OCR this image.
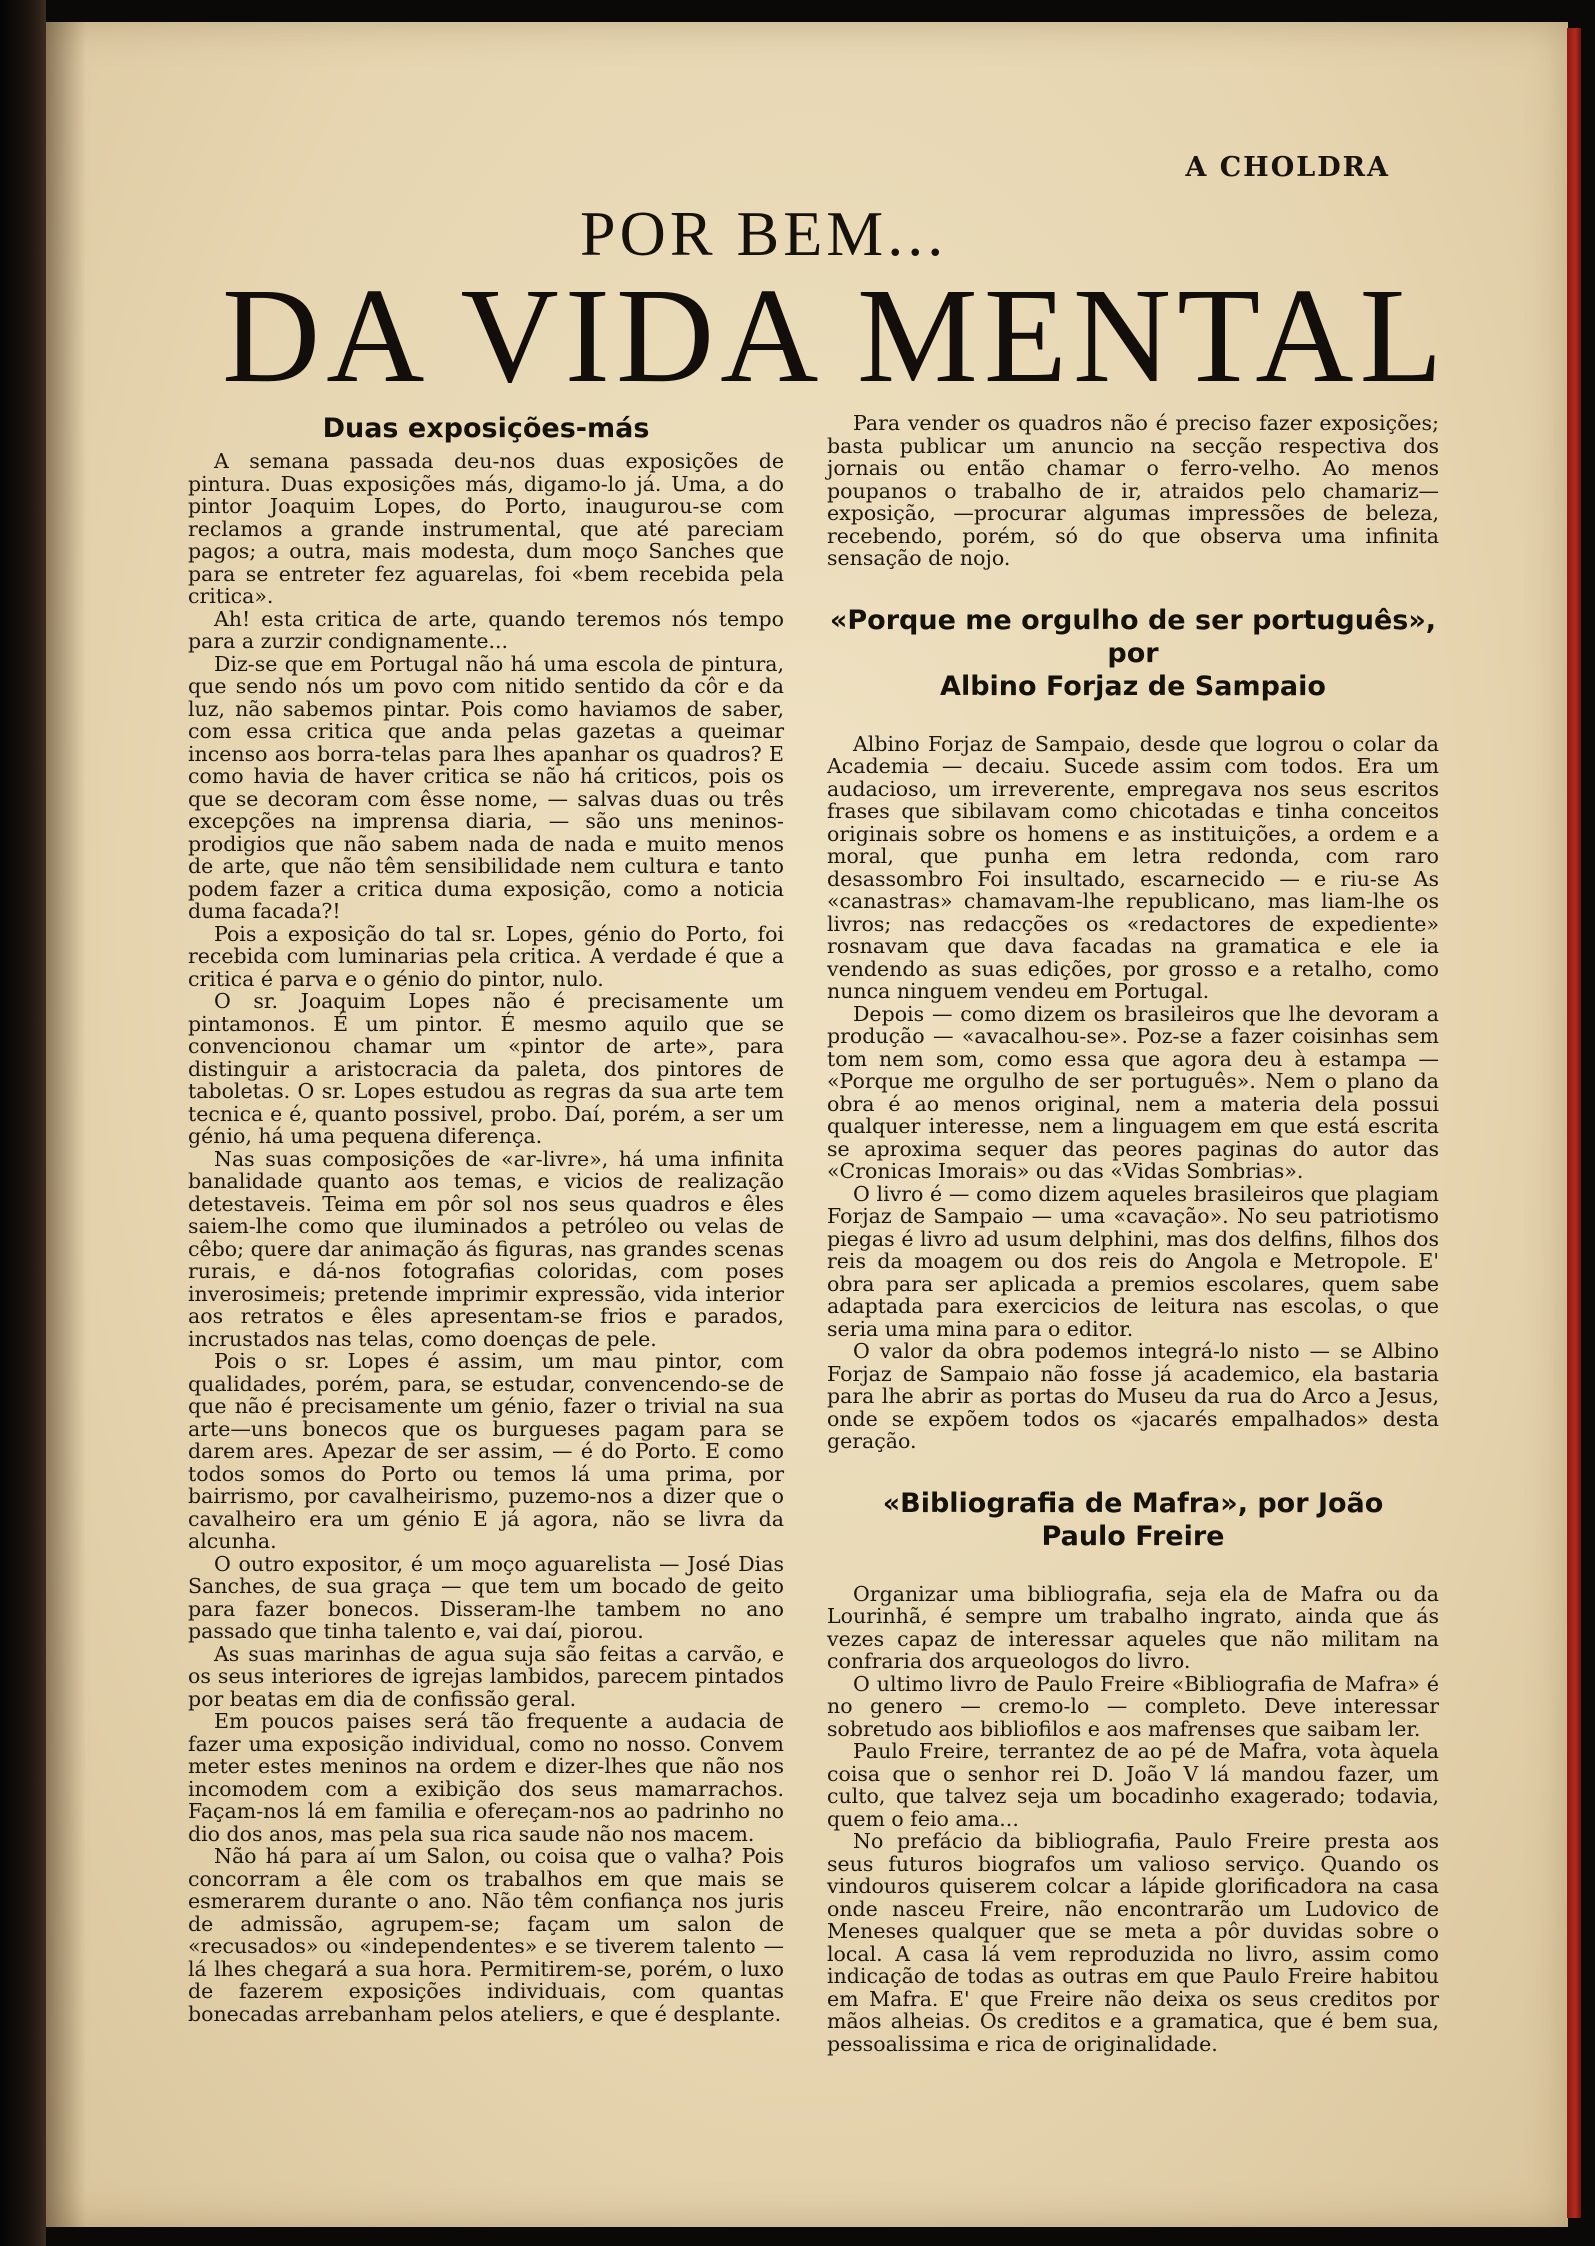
A CHOLDRA
POR BEM...
DA VIDA MENTAL
Duas exposições-más

A semana passada deu-nos duas exposições de pintura. Duas exposições más, digamo-lo já. Uma, a do pintor Joaquim Lopes, do Porto, inaugurou-se com reclamos a grande instrumental, que até pareciam pagos; a outra, mais modesta, dum moço Sanches que para se entreter fez aguarelas, foi «bem recebida pela critica».

Ah! esta critica de arte, quando teremos nós tempo para a zurzir condignamente...

Diz-se que em Portugal não há uma escola de pintura, que sendo nós um povo com nitido sentido da côr e da luz, não sabemos pintar. Pois como haviamos de saber, com essa critica que anda pelas gazetas a queimar incenso aos borra-telas para lhes apanhar os quadros? E como havia de haver critica se não há criticos, pois os que se decoram com êsse nome, — salvas duas ou três excepções na imprensa diaria, — são uns meninos-prodigios que não sabem nada de nada e muito menos de arte, que não têm sensibilidade nem cultura e tanto podem fazer a critica duma exposição, como a noticia duma facada?!

Pois a exposição do tal sr. Lopes, génio do Porto, foi recebida com luminarias pela critica. A verdade é que a critica é parva e o génio do pintor, nulo.

O sr. Joaquim Lopes não é precisamente um pintamonos. É um pintor. É mesmo aquilo que se convencionou chamar um «pintor de arte», para distinguir a aristocracia da paleta, dos pintores de taboletas. O sr. Lopes estudou as regras da sua arte tem tecnica e é, quanto possivel, probo. Daí, porém, a ser um génio, há uma pequena diferença.

Nas suas composições de «ar-livre», há uma infinita banalidade quanto aos temas, e vicios de realização detestaveis. Teima em pôr sol nos seus quadros e êles saiem-lhe como que iluminados a petróleo ou velas de cêbo; quere dar animação ás figuras, nas grandes scenas rurais, e dá-nos fotografias coloridas, com poses inverosimeis; pretende imprimir expressão, vida interior aos retratos e êles apresentam-se frios e parados, incrustados nas telas, como doenças de pele.

Pois o sr. Lopes é assim, um mau pintor, com qualidades, porém, para, se estudar, convencendo-se de que não é precisamente um génio, fazer o trivial na sua arte—uns bonecos que os burgueses pagam para se darem ares. Apezar de ser assim, — é do Porto. E como todos somos do Porto ou temos lá uma prima, por bairrismo, por cavalheirismo, puzemo-nos a dizer que o cavalheiro era um génio E já agora, não se livra da alcunha.

O outro expositor, é um moço aguarelista — José Dias Sanches, de sua graça — que tem um bocado de geito para fazer bonecos. Disseram-lhe tambem no ano passado que tinha talento e, vai daí, piorou.

As suas marinhas de agua suja são feitas a carvão, e os seus interiores de igrejas lambidos, parecem pintados por beatas em dia de confissão geral.

Em poucos paises será tão frequente a audacia de fazer uma exposição individual, como no nosso. Convem meter estes meninos na ordem e dizer-lhes que não nos incomodem com a exibição dos seus mamarrachos. Façam-nos lá em familia e ofereçam-nos ao padrinho no dio dos anos, mas pela sua rica saude não nos macem.

Não há para aí um Salon, ou coisa que o valha? Pois concorram a êle com os trabalhos em que mais se esmerarem durante o ano. Não têm confiança nos juris de admissão, agrupem-se; façam um salon de «recusados» ou «independentes» e se tiverem talento — lá lhes chegará a sua hora. Permitirem-se, porém, o luxo de fazerem exposições individuais, com quantas bonecadas arrebanham pelos ateliers, e que é desplante.

Para vender os quadros não é preciso fazer exposições; basta publicar um anuncio na secção respectiva dos jornais ou então chamar o ferro-velho. Ao menos poupanos o trabalho de ir, atraidos pelo chamariz—exposição, —procurar algumas impressões de beleza, recebendo, porém, só do que observa uma infinita sensação de nojo.

«Porque me orgulho de ser português», por
Albino Forjaz de Sampaio

Albino Forjaz de Sampaio, desde que logrou o colar da Academia — decaiu. Sucede assim com todos. Era um audacioso, um irreverente, empregava nos seus escritos frases que sibilavam como chicotadas e tinha conceitos originais sobre os homens e as instituições, a ordem e a moral, que punha em letra redonda, com raro desassombro Foi insultado, escarnecido — e riu-se As «canastras» chamavam-lhe republicano, mas liam-lhe os livros; nas redacções os «redactores de expediente» rosnavam que dava facadas na gramatica e ele ia vendendo as suas edições, por grosso e a retalho, como nunca ninguem vendeu em Portugal.

Depois — como dizem os brasileiros que lhe devoram a produção — «avacalhou-se». Poz-se a fazer coisinhas sem tom nem som, como essa que agora deu à estampa — «Porque me orgulho de ser português». Nem o plano da obra é ao menos original, nem a materia dela possui qualquer interesse, nem a linguagem em que está escrita se aproxima sequer das peores paginas do autor das «Cronicas Imorais» ou das «Vidas Sombrias».

O livro é — como dizem aqueles brasileiros que plagiam Forjaz de Sampaio — uma «cavação». No seu patriotismo piegas é livro ad usum delphini, mas dos delfins, filhos dos reis da moagem ou dos reis do Angola e Metropole. E' obra para ser aplicada a premios escolares, quem sabe adaptada para exercicios de leitura nas escolas, o que seria uma mina para o editor.

O valor da obra podemos integrá-lo nisto — se Albino Forjaz de Sampaio não fosse já academico, ela bastaria para lhe abrir as portas do Museu da rua do Arco a Jesus, onde se expõem todos os «jacarés empalhados» desta geração.

«Bibliografia de Mafra», por João
Paulo Freire

Organizar uma bibliografia, seja ela de Mafra ou da Lourinhã, é sempre um trabalho ingrato, ainda que ás vezes capaz de interessar aqueles que não militam na confraria dos arqueologos do livro.

O ultimo livro de Paulo Freire «Bibliografia de Mafra» é no genero — cremo-lo — completo. Deve interessar sobretudo aos bibliofilos e aos mafrenses que saibam ler.

Paulo Freire, terrantez de ao pé de Mafra, vota àquela coisa que o senhor rei D. João V lá mandou fazer, um culto, que talvez seja um bocadinho exagerado; todavia, quem o feio ama...

No prefácio da bibliografia, Paulo Freire presta aos seus futuros biografos um valioso serviço. Quando os vindouros quiserem colcar a lápide glorificadora na casa onde nasceu Freire, não encontrarão um Ludovico de Meneses qualquer que se meta a pôr duvidas sobre o local. A casa lá vem reproduzida no livro, assim como indicação de todas as outras em que Paulo Freire habitou em Mafra. E' que Freire não deixa os seus creditos por mãos alheias. Os creditos e a gramatica, que é bem sua, pessoalissima e rica de originalidade.
